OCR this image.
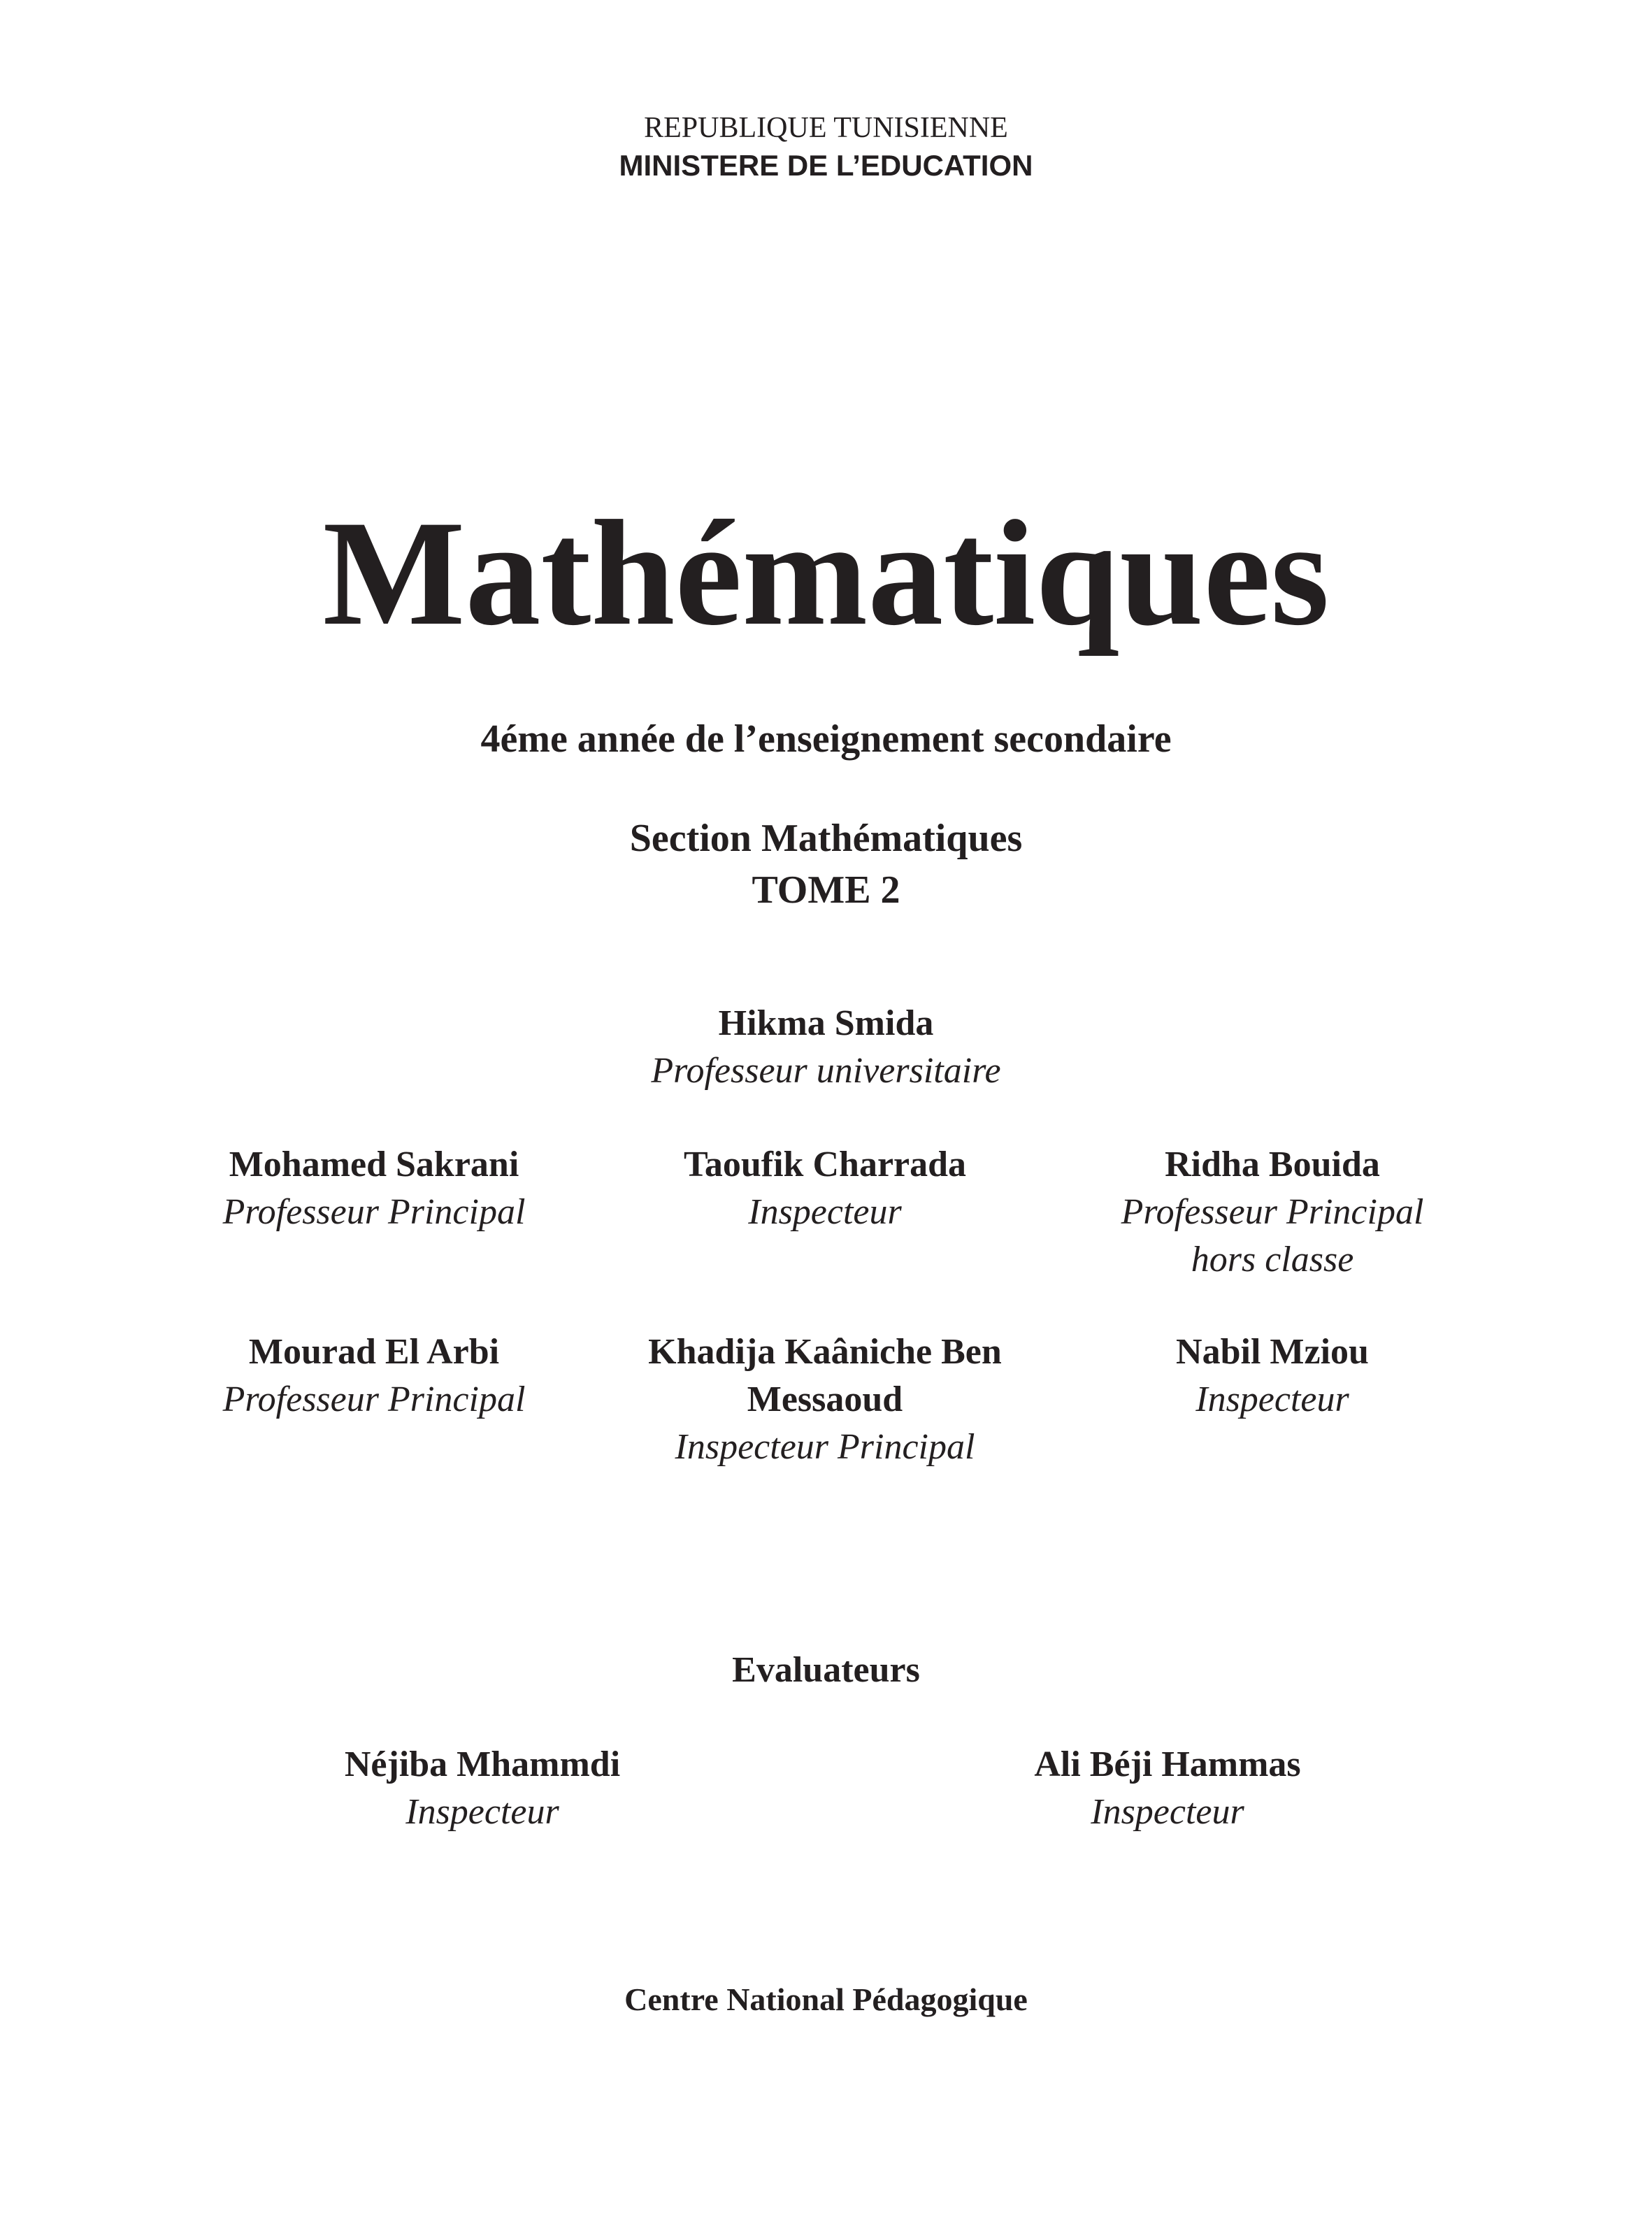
REPUBLIQUE TUNISIENNE
MINISTERE DE L’EDUCATION
Mathématiques
4éme année de l’enseignement secondaire
Section Mathématiques
TOME 2
Hikma Smida
Professeur universitaire
Mohamed Sakrani
Professeur Principal
Taoufik Charrada
Inspecteur
Ridha Bouida
Professeur Principal
hors classe
Mourad El Arbi
Professeur Principal
Khadija Kaâniche Ben
Messaoud
Inspecteur Principal
Nabil Mziou
Inspecteur
Evaluateurs
Néjiba Mhammdi
Inspecteur
Ali Béji Hammas
Inspecteur
Centre National Pédagogique
